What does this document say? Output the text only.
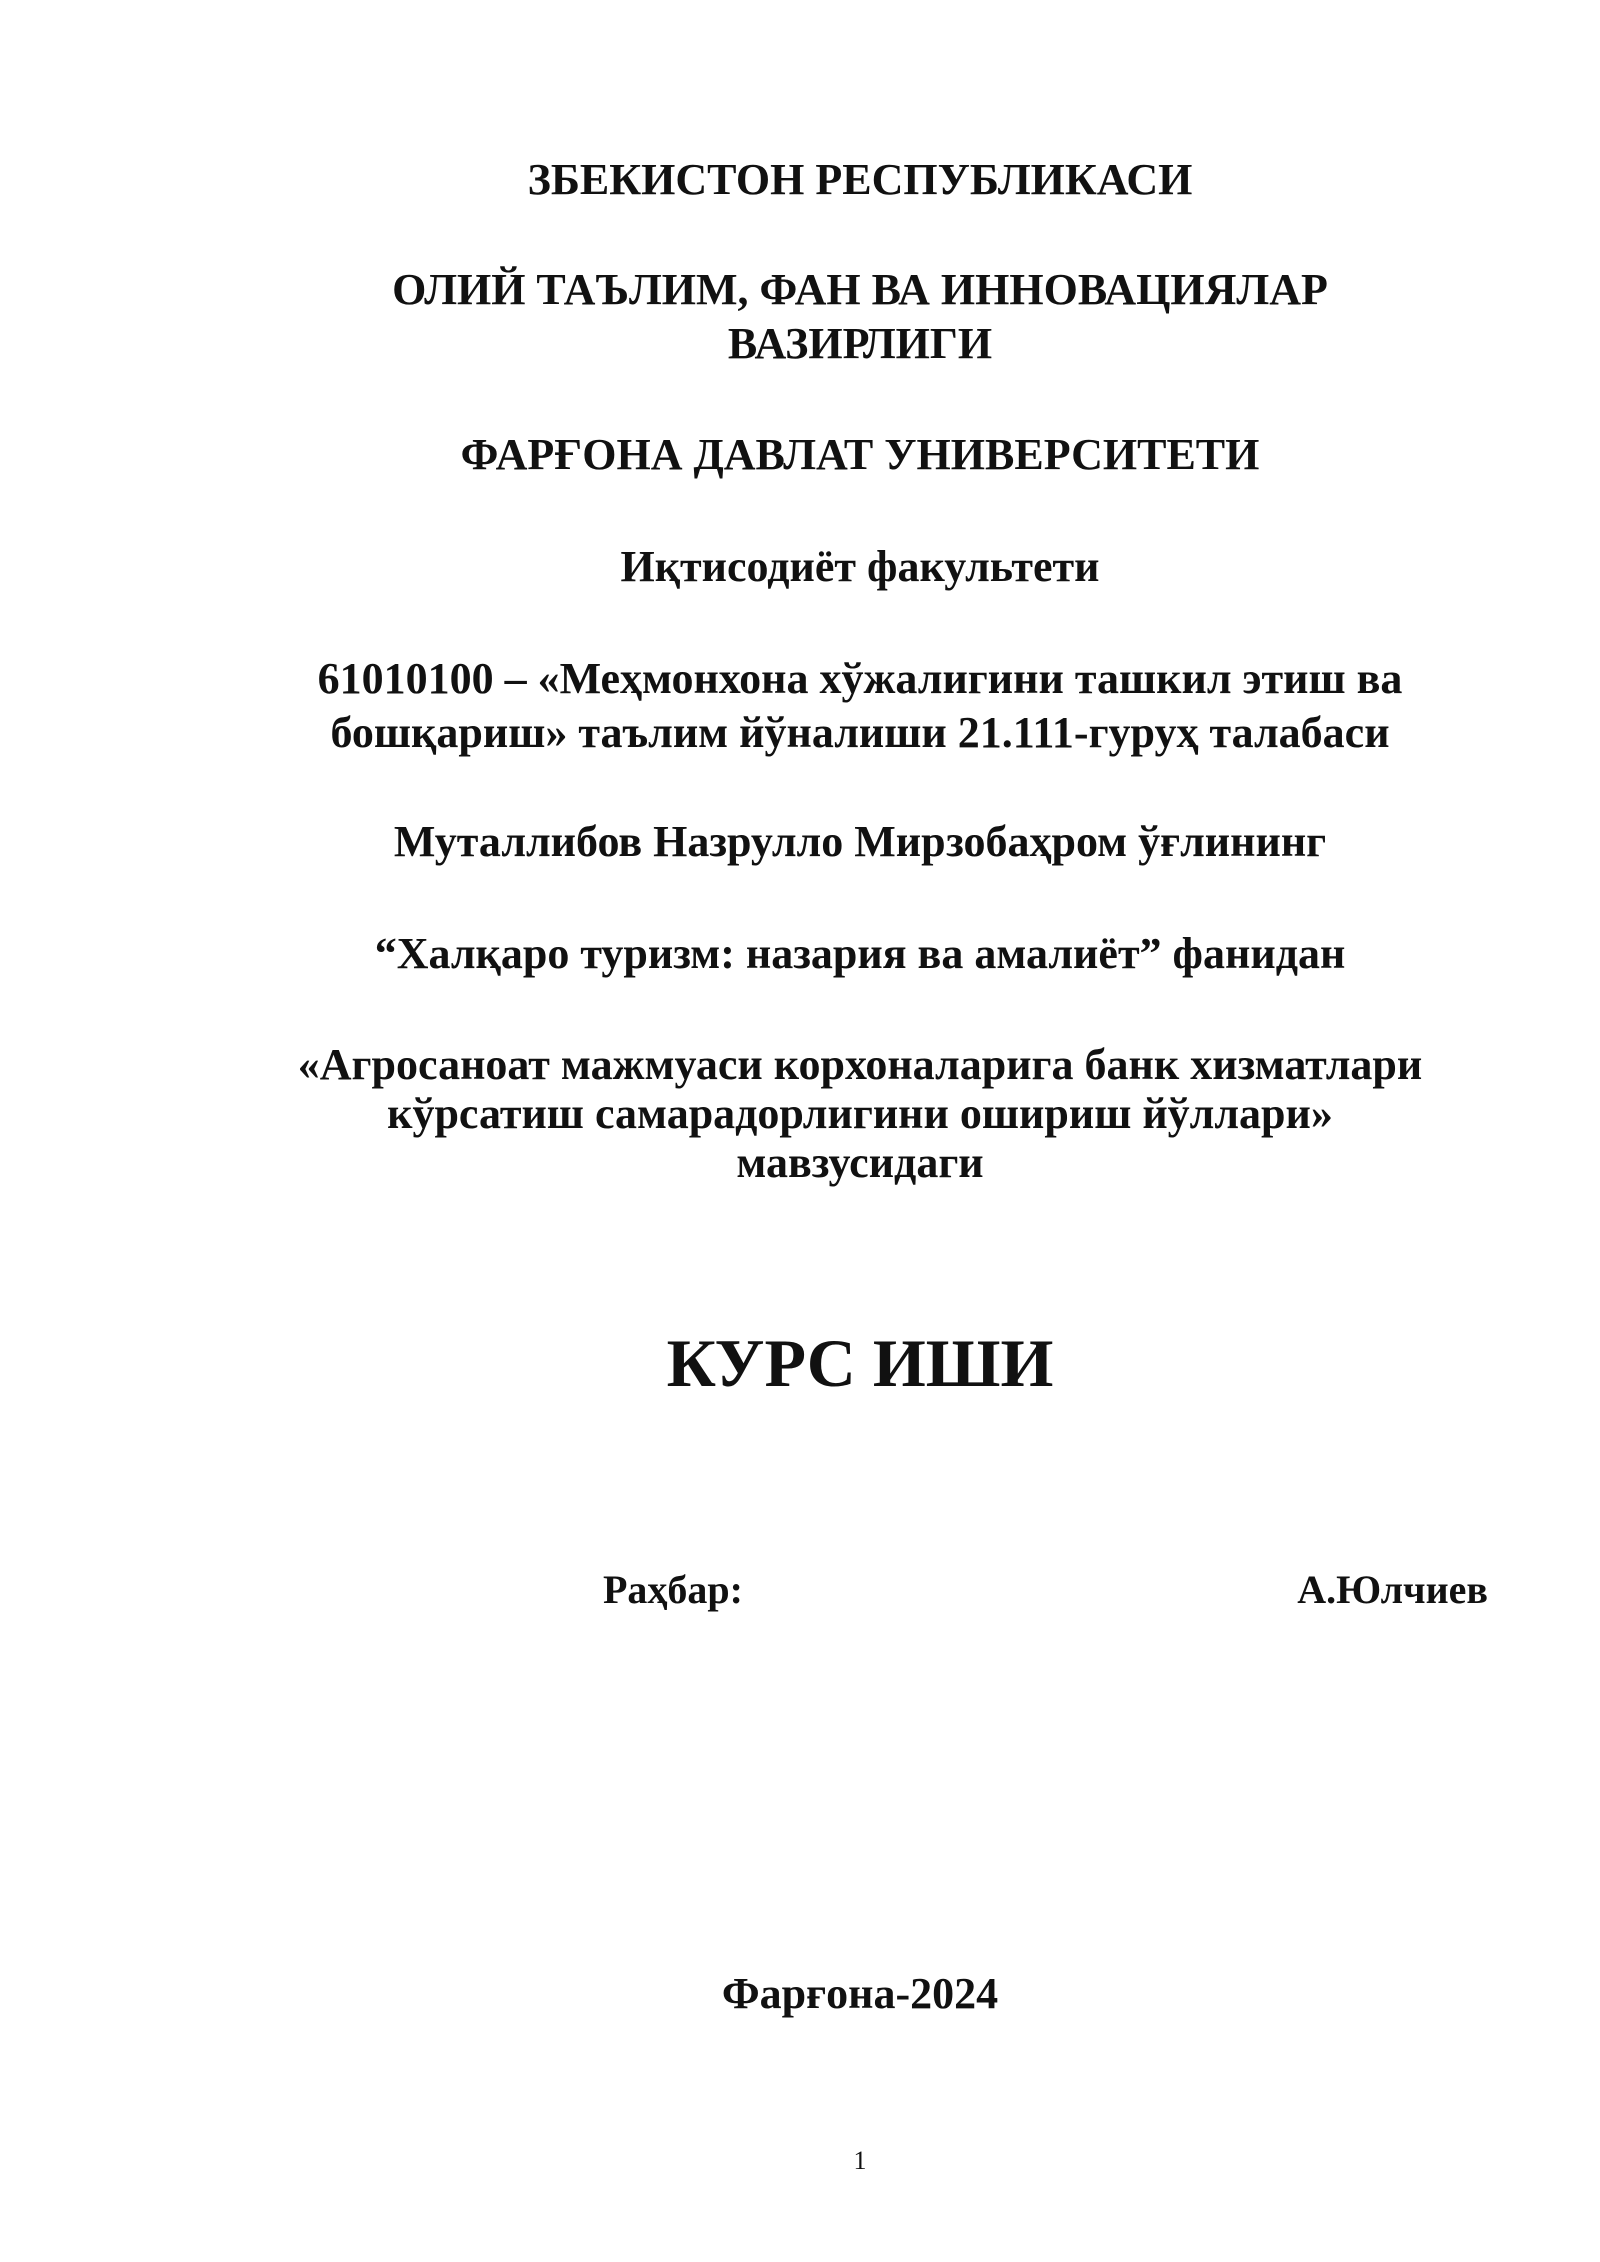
ЗБЕКИСТОН РЕСПУБЛИКАСИ
ОЛИЙ ТАЪЛИМ, ФАН ВА ИННОВАЦИЯЛАР
ВАЗИРЛИГИ
ФАРҒОНА ДАВЛАТ УНИВЕРСИТЕТИ
Иқтисодиёт факультети
61010100 – «Меҳмонхона хўжалигини ташкил этиш ва
бошқариш» таълим йўналиши 21.111-гуруҳ талабаси
Муталлибов Назрулло Мирзобаҳром ўғлининг
“Халқаро туризм: назария ва амалиёт” фанидан
«Агросаноат мажмуаси корхоналарига банк хизматлари
кўрсатиш самарадорлигини ошириш йўллари»
мавзусидаги
КУРС ИШИ
Раҳбар:	А.Юлчиев
Фарғона-2024
1
